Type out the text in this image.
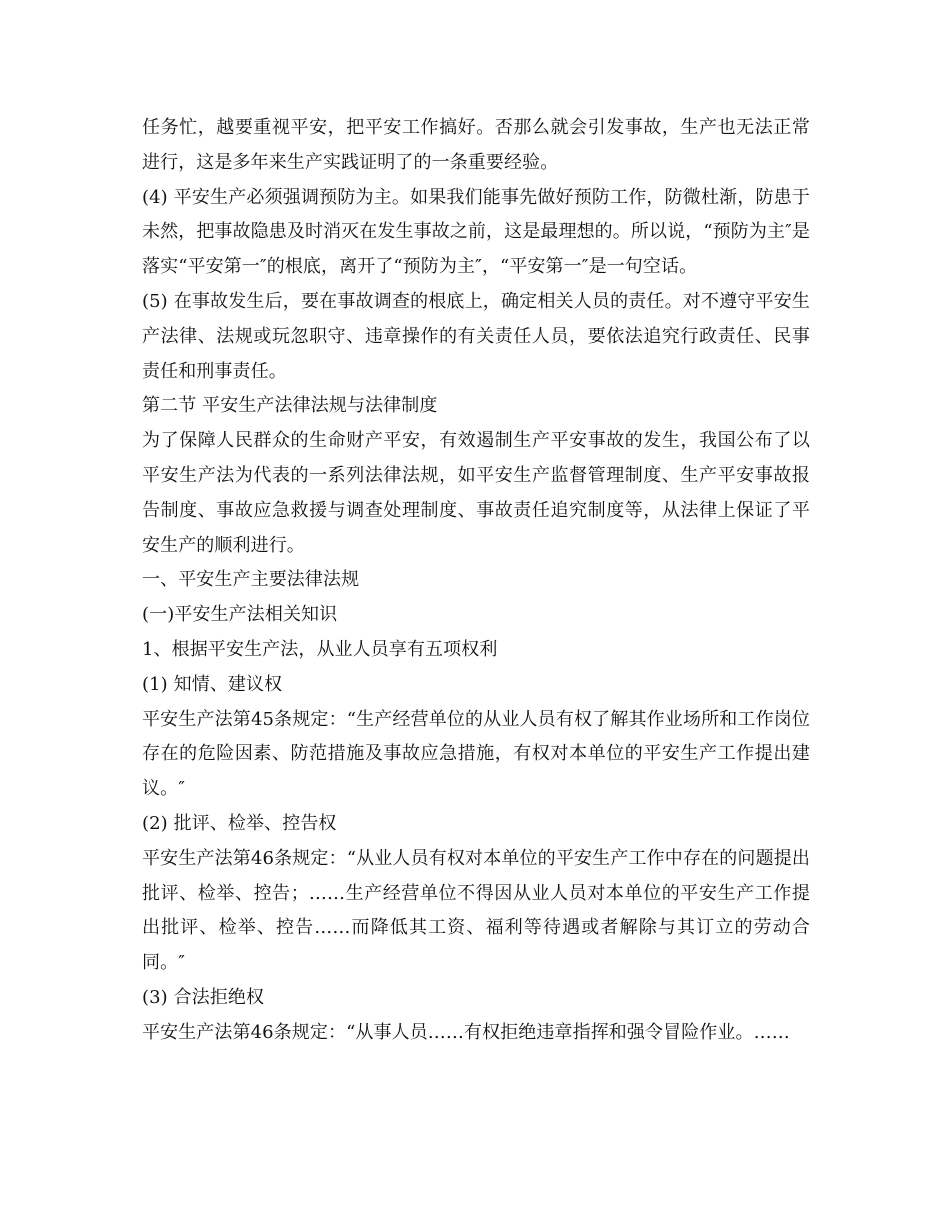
任务忙，越要重视平安，把平安工作搞好。否那么就会引发事故，生产也无法正常进行，这是多年来生产实践证明了的一条重要经验。

(4) 平安生产必须强调预防为主。如果我们能事先做好预防工作，防微杜渐，防患于未然，把事故隐患及时消灭在发生事故之前，这是最理想的。所以说，“预防为主″是落实“平安第一″的根底，离开了“预防为主″，“平安第一″是一句空话。

(5) 在事故发生后，要在事故调查的根底上，确定相关人员的责任。对不遵守平安生产法律、法规或玩忽职守、违章操作的有关责任人员，要依法追究行政责任、民事责任和刑事责任。

第二节 平安生产法律法规与法律制度

为了保障人民群众的生命财产平安，有效遏制生产平安事故的发生，我国公布了以平安生产法为代表的一系列法律法规，如平安生产监督管理制度、生产平安事故报告制度、事故应急救援与调查处理制度、事故责任追究制度等，从法律上保证了平安生产的顺利进行。

一、平安生产主要法律法规

(一)平安生产法相关知识

1、根据平安生产法，从业人员享有五项权利

(1) 知情、建议权

平安生产法第45条规定：“生产经营单位的从业人员有权了解其作业场所和工作岗位存在的危险因素、防范措施及事故应急措施，有权对本单位的平安生产工作提出建议。″

(2) 批评、检举、控告权

平安生产法第46条规定：“从业人员有权对本单位的平安生产工作中存在的问题提出批评、检举、控告；……生产经营单位不得因从业人员对本单位的平安生产工作提出批评、检举、控告……而降低其工资、福利等待遇或者解除与其订立的劳动合同。″

(3) 合法拒绝权

平安生产法第46条规定：“从事人员……有权拒绝违章指挥和强令冒险作业。……
